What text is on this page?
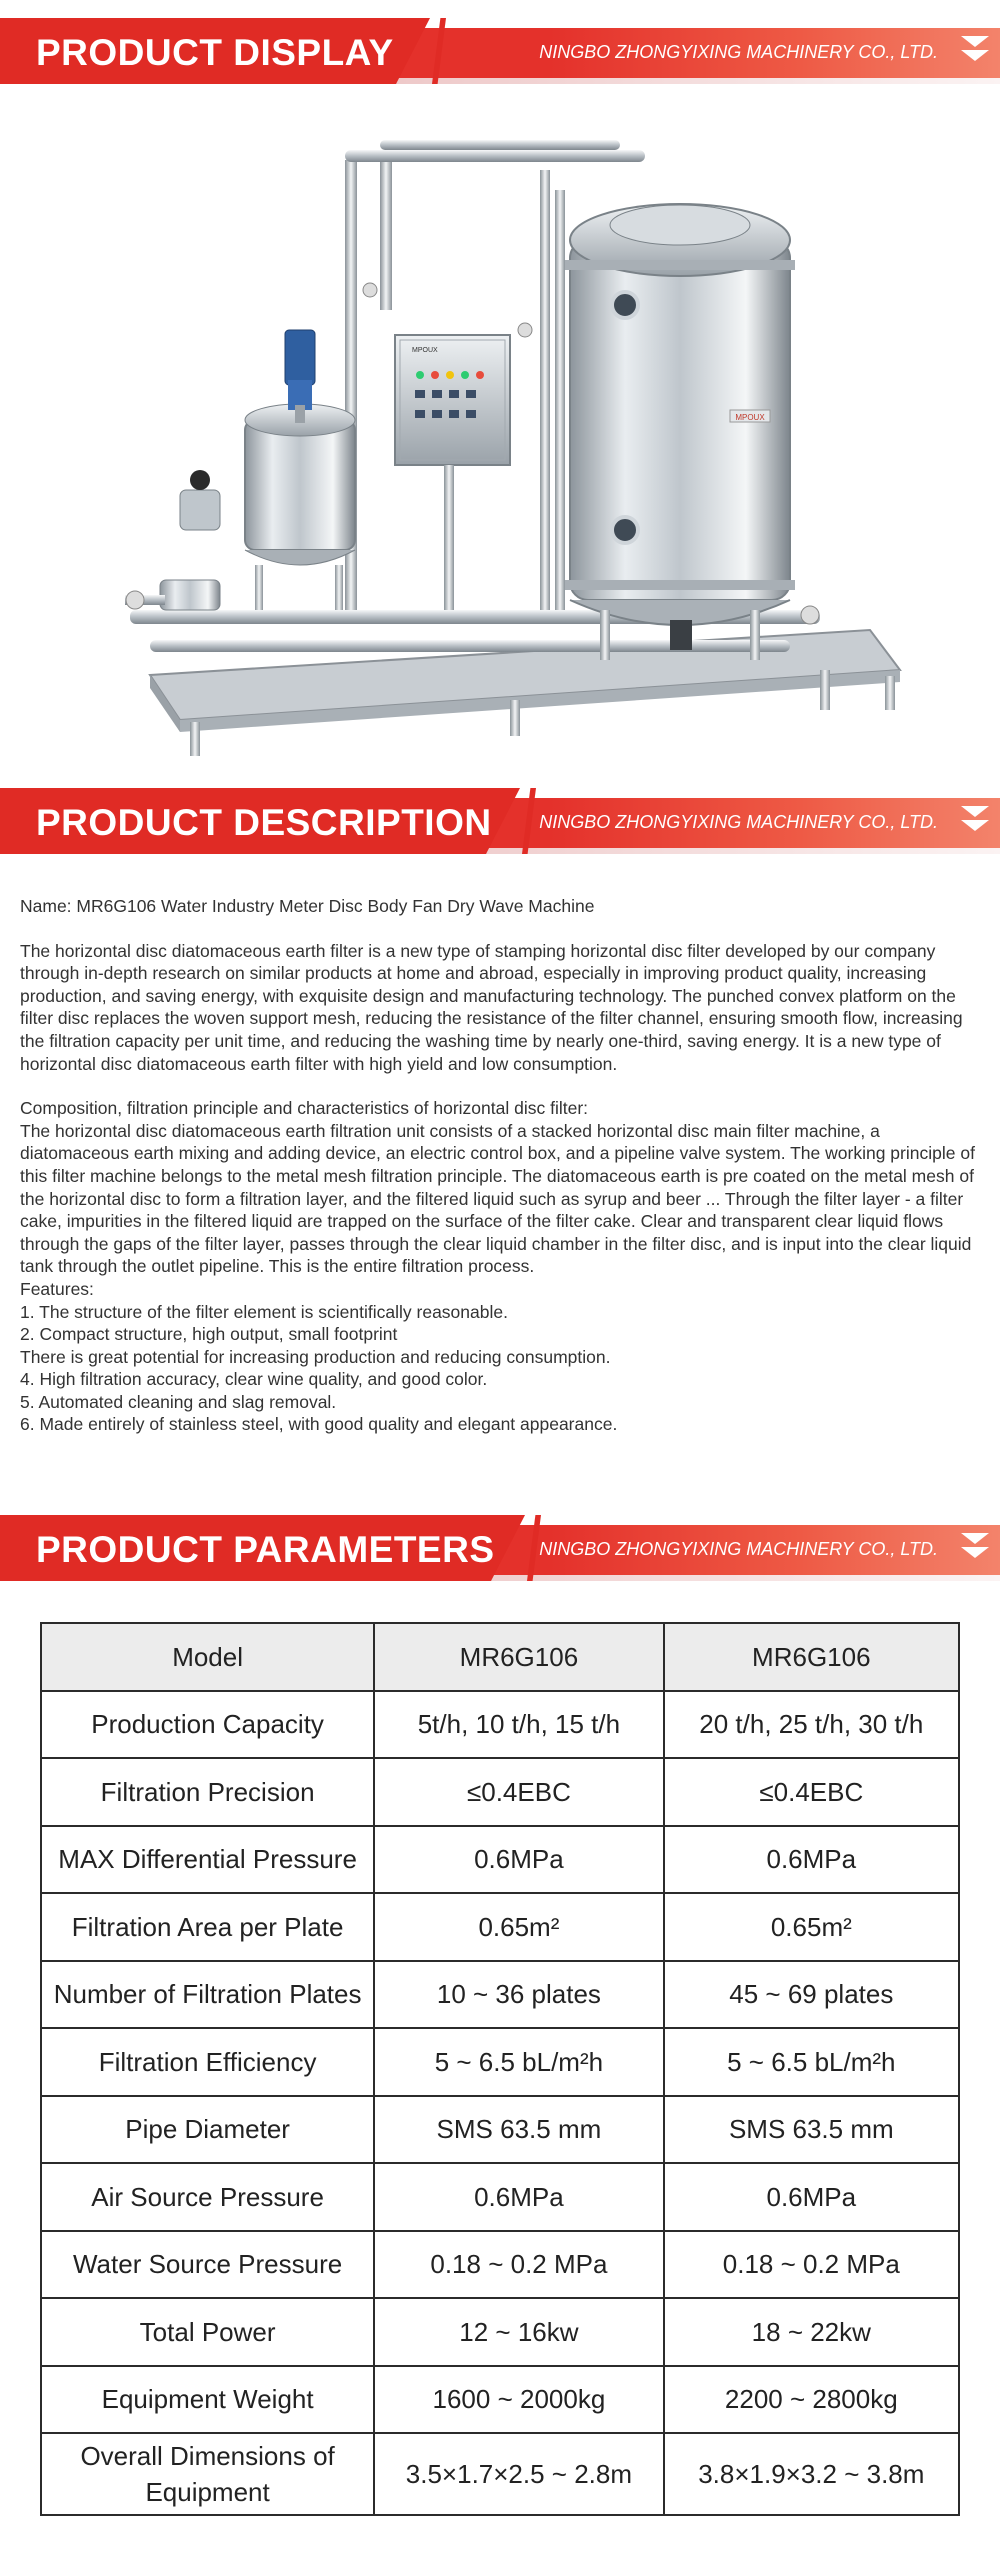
PRODUCT DISPLAY	NINGBO ZHONGYIXING MACHINERY CO., LTD.
MPOUX
MPOUX
PRODUCT DESCRIPTION	NINGBO ZHONGYIXING MACHINERY CO., LTD.

Name: MR6G106 Water Industry Meter Disc Body Fan Dry Wave Machine

The horizontal disc diatomaceous earth filter is a new type of stamping horizontal disc filter developed by our company through in-depth research on similar products at home and abroad, especially in improving product quality, increasing production, and saving energy, with exquisite design and manufacturing technology. The punched convex platform on the filter disc replaces the woven support mesh, reducing the resistance of the filter channel, ensuring smooth flow, increasing the filtration capacity per unit time, and reducing the washing time by nearly one-third, saving energy. It is a new type of horizontal disc diatomaceous earth filter with high yield and low consumption.

Composition, filtration principle and characteristics of horizontal disc filter:

The horizontal disc diatomaceous earth filtration unit consists of a stacked horizontal disc main filter machine, a diatomaceous earth mixing and adding device, an electric control box, and a pipeline valve system. The working principle of this filter machine belongs to the metal mesh filtration principle. The diatomaceous earth is pre coated on the metal mesh of the horizontal disc to form a filtration layer, and the filtered liquid such as syrup and beer ... Through the filter layer - a filter cake, impurities in the filtered liquid are trapped on the surface of the filter cake. Clear and transparent clear liquid flows through the gaps of the filter layer, passes through the clear liquid chamber in the filter disc, and is input into the clear liquid tank through the outlet pipeline. This is the entire filtration process.

Features:

1. The structure of the filter element is scientifically reasonable.

2. Compact structure, high output, small footprint

There is great potential for increasing production and reducing consumption.

4. High filtration accuracy, clear wine quality, and good color.

5. Automated cleaning and slag removal.

6. Made entirely of stainless steel, with good quality and elegant appearance.

PRODUCT PARAMETERS NINGBO ZHONGYIXING MACHINERY CO., LTD.
Model	MR6G106	MR6G106
Production Capacity	5t/h, 10 t/h, 15 t/h	20 t/h, 25 t/h, 30 t/h
Filtration Precision	≤0.4EBC	≤0.4EBC
MAX Differential Pressure	0.6MPa	0.6MPa
Filtration Area per Plate	0.65m²	0.65m²
Number of Filtration Plates	10 ~ 36 plates	45 ~ 69 plates
Filtration Efficiency	5 ~ 6.5 bL/m²h	5 ~ 6.5 bL/m²h
Pipe Diameter	SMS 63.5 mm	SMS 63.5 mm
Air Source Pressure	0.6MPa	0.6MPa
Water Source Pressure	0.18 ~ 0.2 MPa	0.18 ~ 0.2 MPa
Total Power	12 ~ 16kw	18 ~ 22kw
Equipment Weight	1600 ~ 2000kg	2200 ~ 2800kg
Overall Dimensions of Equipment	3.5×1.7×2.5 ~ 2.8m	3.8×1.9×3.2 ~ 3.8m
